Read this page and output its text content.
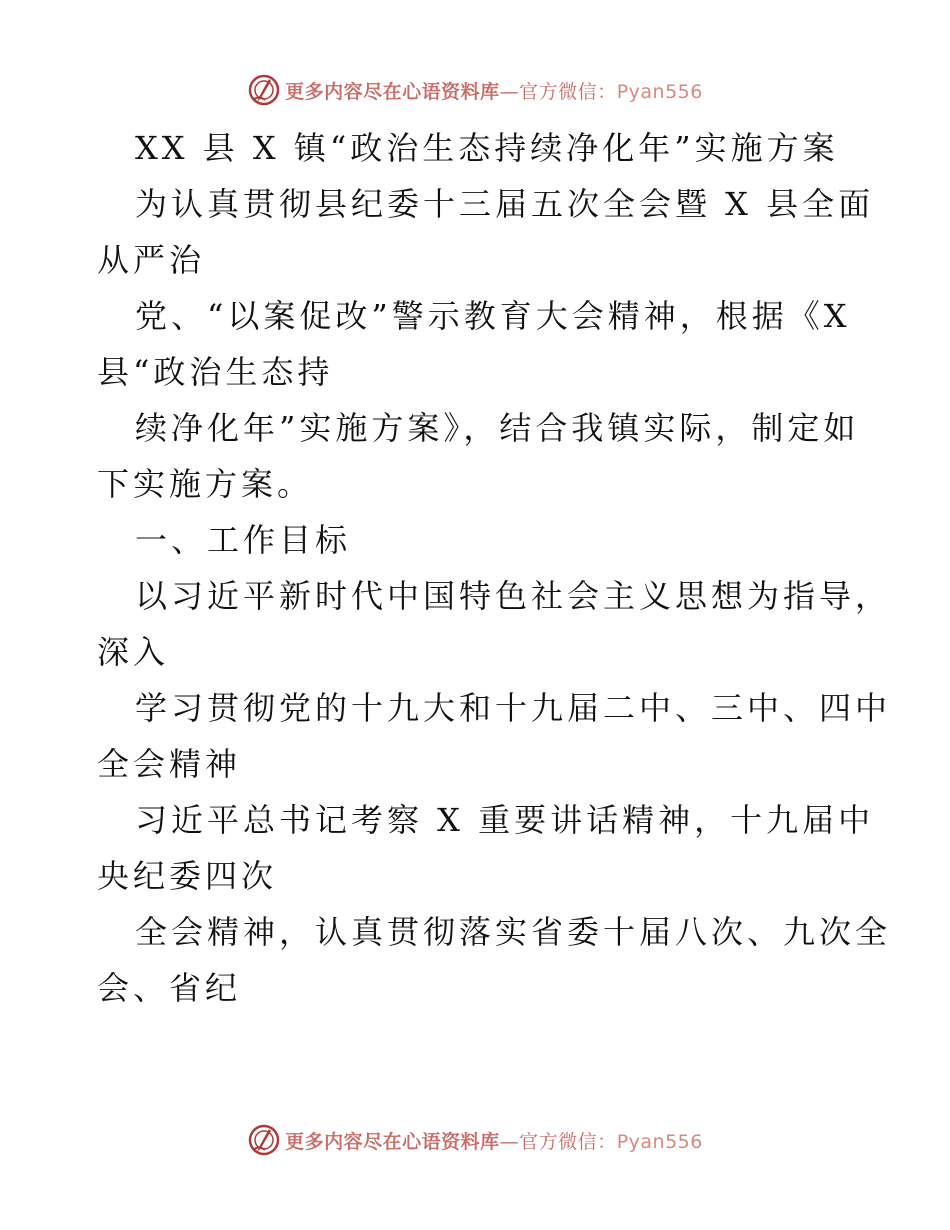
更多内容尽在心语资料库—官方微信：Pyan556
XX 县 X 镇“政治生态持续净化年”实施方案
为认真贯彻县纪委十三届五次全会暨 X 县全面
从严治
党、“以案促改”警示教育大会精神，根据《X
县“政治生态持
续净化年”实施方案》，结合我镇实际，制定如
下实施方案。
一、工作目标
以习近平新时代中国特色社会主义思想为指导，
深入
学习贯彻党的十九大和十九届二中、三中、四中
全会精神
习近平总书记考察 X 重要讲话精神，十九届中
央纪委四次
全会精神，认真贯彻落实省委十届八次、九次全
会、省纪
更多内容尽在心语资料库—官方微信：Pyan556
